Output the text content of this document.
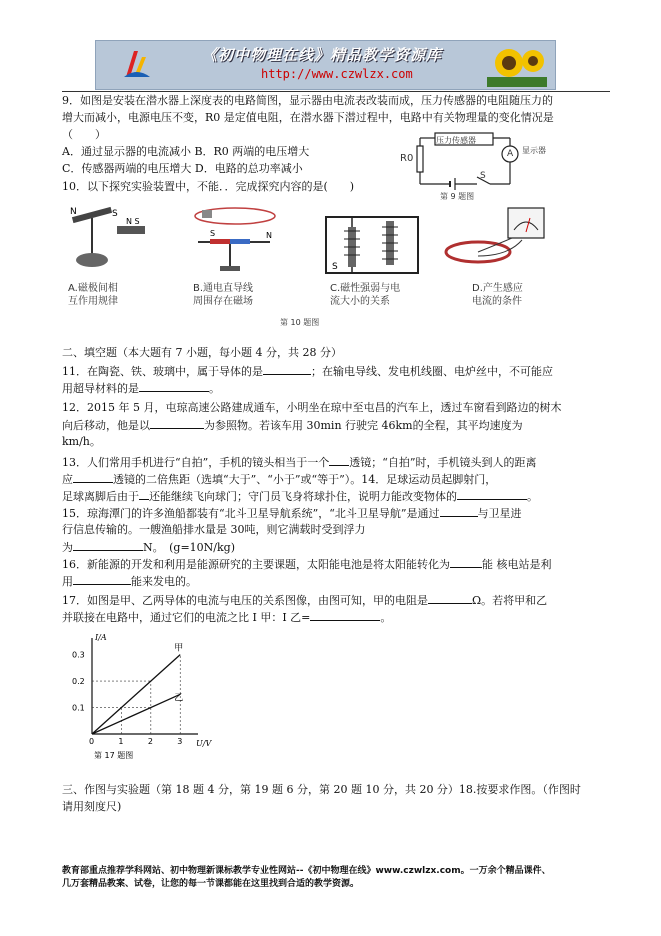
《初中物理在线》精品教学资源库
http://www.czwlzx.com
9．如图是安装在潜水器上深度表的电路简图，显示器由电流表改装而成，压力传感器的电阻随压力的
增大而减小，电源电压不变，R0 是定值电阻，在潜水器下潜过程中，电路中有关物理量的变化情况是
（　　）
A．通过显示器的电流减小 B．R0 两端的电压增大
C．传感器两端的电压增大 D．电路的总功率减小
R0
压力传感器
A 显示器
S
第 9 题图
10．以下探究实验装置中，不能．．完成探究内容的是(　　)
N	S
N S
A.磁极间相
互作用规律
S	N
B.通电直导线
周围存在磁场
S
C.磁性强弱与电
流大小的关系
D.产生感应
电流的条件
第 10 题图
二、填空题（本大题有 7 小题，每小题 4 分，共 28 分）
11．在陶瓷、铁、玻璃中，属于导体的是	；在输电导线、发电机线圈、电炉丝中，不可能应
用超导材料的是	。
12．2015 年 5 月，屯琼高速公路建成通车，小明坐在琼中至屯昌的汽车上，透过车窗看到路边的树木
向后移动，他是以	为参照物。若该车用 30min 行驶完 46km的全程，其平均速度为
km/h。
13．人们常用手机进行“自拍”，手机的镜头相当于一个 透镜；“自拍”时，手机镜头到人的距离
应	透镜的二倍焦距（选填“大于”、“小于”或“等于”）。14．足球运动员起脚射门，
足球离脚后由于 还能继续飞向球门；守门员飞身将球扑住，说明力能改变物体的	。
15．琼海潭门的许多渔船都装有“北斗卫星导航系统”，“北斗卫星导航”是通过	与卫星进
行信息传输的。一艘渔船排水量是 30吨，则它满载时受到浮力
为	N。　(g=10N/kg)
16．新能源的开发和利用是能源研究的主要课题，太阳能电池是将太阳能转化为	能 核电站是利
用	能来发电的。
17．如图是甲、乙两导体的电流与电压的关系图像，由图可知，甲的电阻是	Ω。若将甲和乙
并联接在电路中，通过它们的电流之比 I 甲：I 乙=	。
U/V
I/A
0	1	2	3
0.1
0.2
0.3
甲
乙
第 17 题图
三、作图与实验题（第 18 题 4 分，第 19 题 6 分，第 20 题 10 分，共 20 分）18.按要求作图。（作图时
请用刻度尺)
教育部重点推荐学科网站、初中物理新课标教学专业性网站--《初中物理在线》www.czwlzx.com。一万余个精品课件、
几万套精品教案、试卷，让您的每一节课都能在这里找到合适的教学资源。
